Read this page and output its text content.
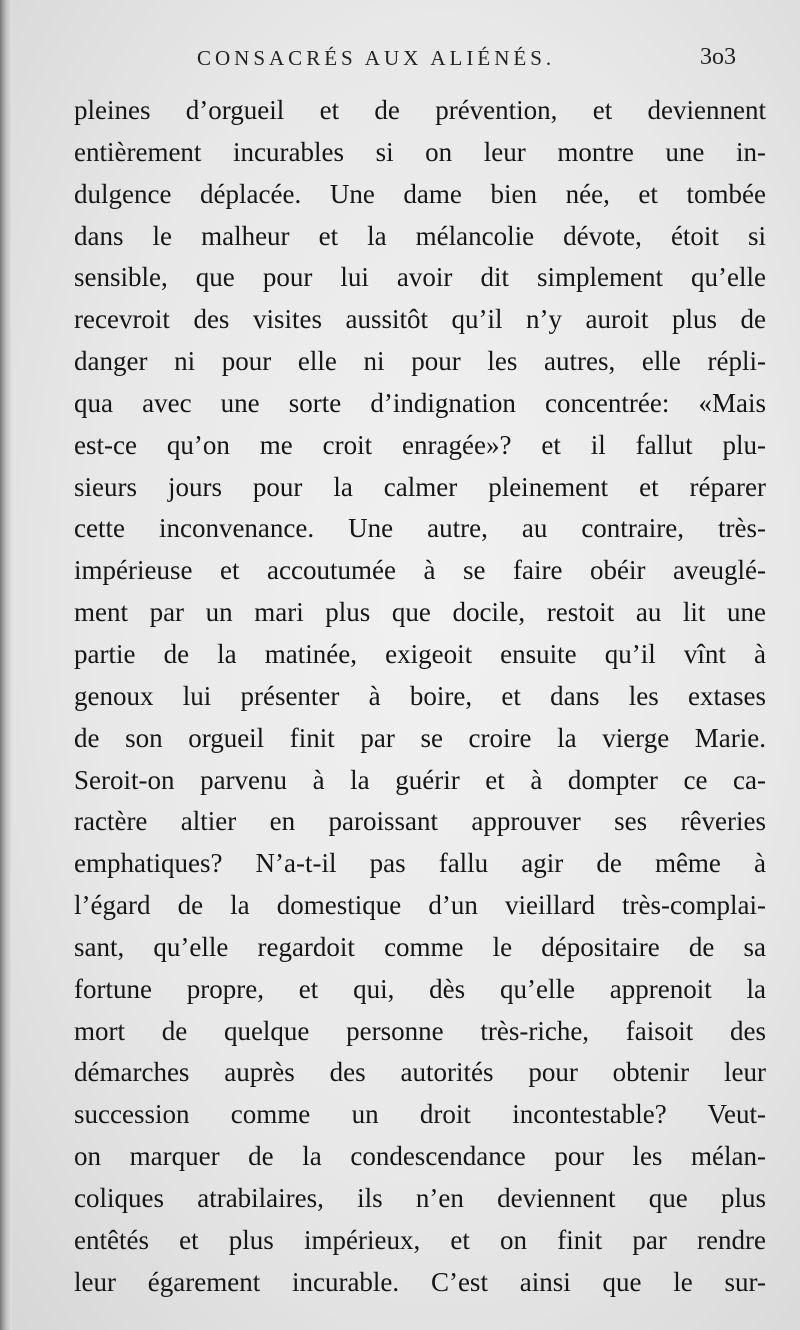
CONSACRÉS AUX ALIÉNÉS.	3o3
pleines d’orgueil et de prévention, et deviennent
entièrement incurables si on leur montre une in-
dulgence déplacée. Une dame bien née, et tombée
dans le malheur et la mélancolie dévote, étoit si
sensible, que pour lui avoir dit simplement qu’elle
recevroit des visites aussitôt qu’il n’y auroit plus de
danger ni pour elle ni pour les autres, elle répli-
qua avec une sorte d’indignation concentrée: «Mais
est-ce qu’on me croit enragée»? et il fallut plu-
sieurs jours pour la calmer pleinement et réparer
cette inconvenance. Une autre, au contraire, très-
impérieuse et accoutumée à se faire obéir aveuglé-
ment par un mari plus que docile, restoit au lit une
partie de la matinée, exigeoit ensuite qu’il vînt à
genoux lui présenter à boire, et dans les extases
de son orgueil finit par se croire la vierge Marie.
Seroit-on parvenu à la guérir et à dompter ce ca-
ractère altier en paroissant approuver ses rêveries
emphatiques? N’a-t-il pas fallu agir de même à
l’égard de la domestique d’un vieillard très-complai-
sant, qu’elle regardoit comme le dépositaire de sa
fortune propre, et qui, dès qu’elle apprenoit la
mort de quelque personne très-riche, faisoit des
démarches auprès des autorités pour obtenir leur
succession comme un droit incontestable? Veut-
on marquer de la condescendance pour les mélan-
coliques atrabilaires, ils n’en deviennent que plus
entêtés et plus impérieux, et on finit par rendre
leur égarement incurable. C’est ainsi que le sur-
